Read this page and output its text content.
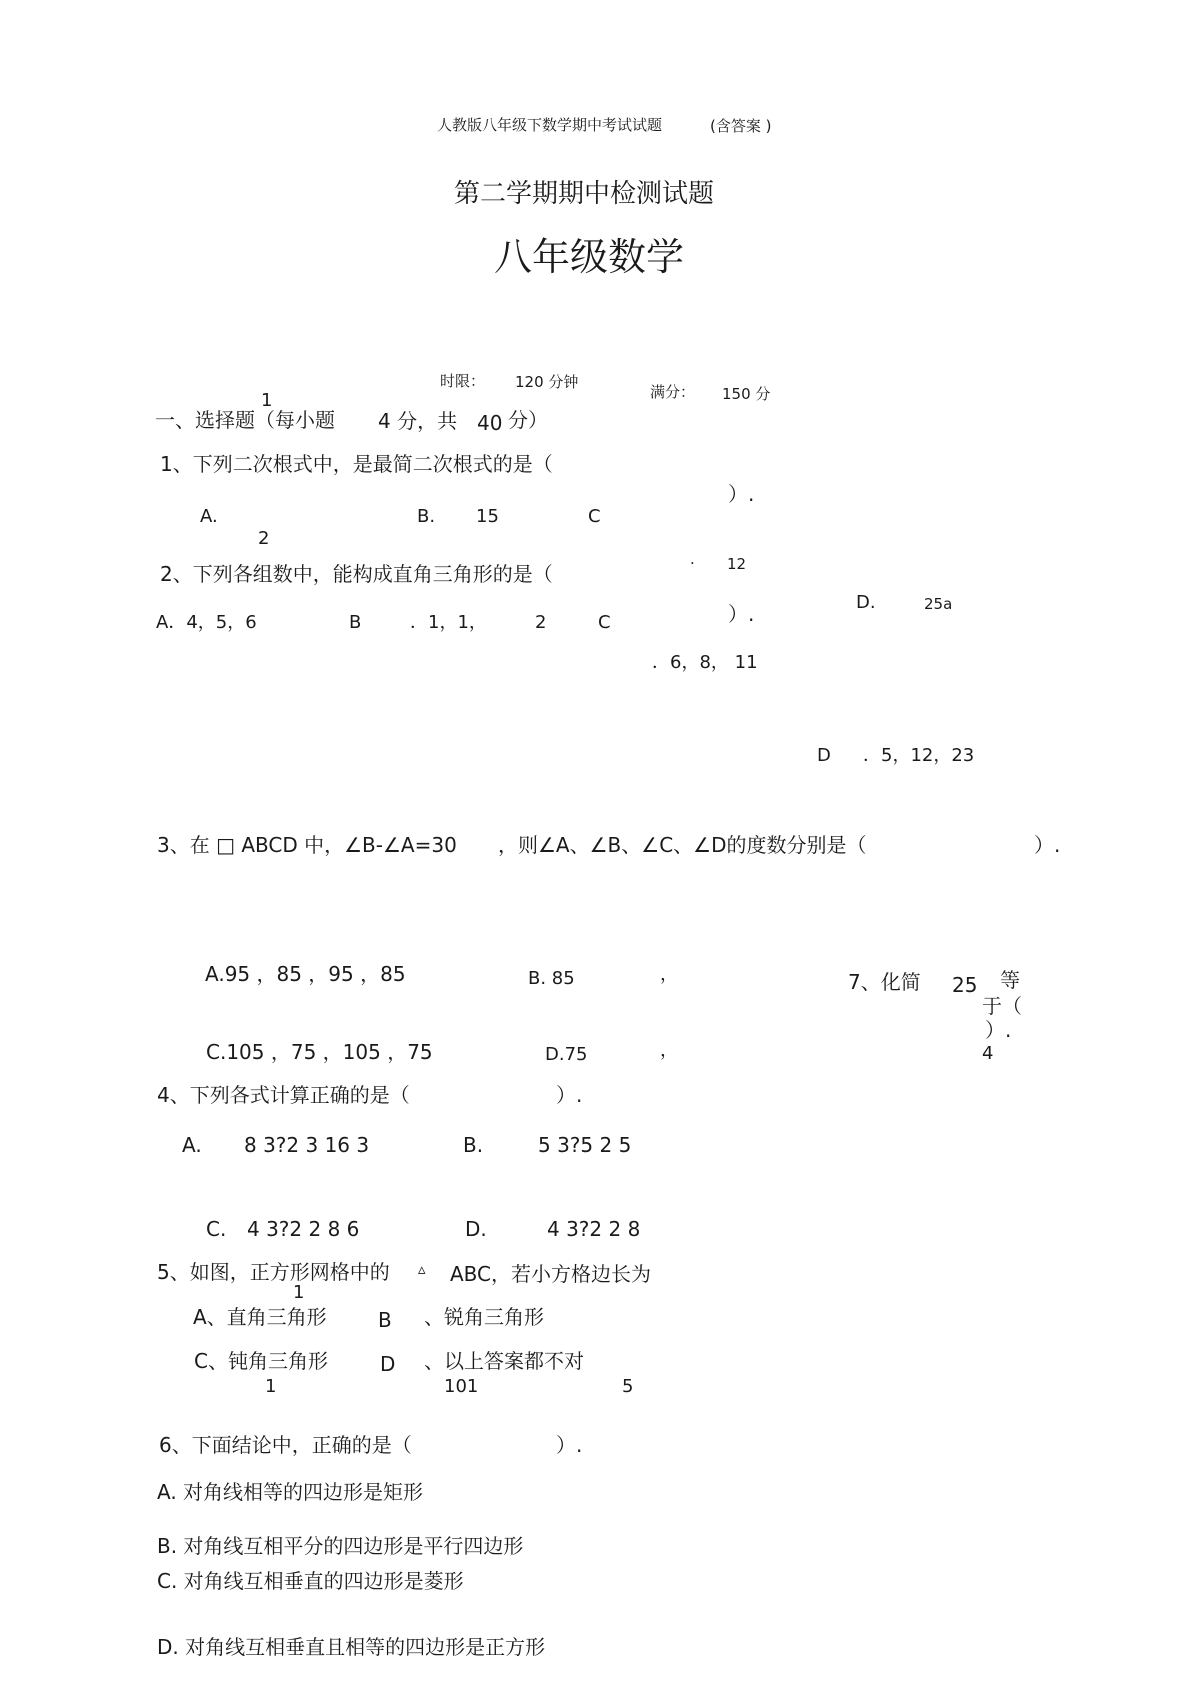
人教版八年级下数学期中考试试题	(含答案 )
第二学期期中检测试题
八年级数学
时限： 120 分钟
满分： 150 分
1
一、选择题（每小题 4 分，共 40 分）
1、下列二次根式中，是最简二次根式的是（
）.
A.
2
B. 15	C
. 12
D.	25a
2、下列各组数中，能构成直角三角形的是（
）.
A．4，5，6	B	．1，1，	2	C
．6，8， 11
D ．5，12，23
3、在 □ ABCD 中，∠B-∠A=30 ，则∠A、∠B、∠C、∠D的度数分别是（	）.
A.95 ，85 ，95 ，85	B. 85	，
C.105 ，75 ，105 ，75	D.75	，
7、化简 25 等
于（
）.
4
4、下列各式计算正确的是（	）.
A. 8 3?2 3 16 3	B.	5 3?5 2 5
C. 4 3?2 2 8 6	D.	4 3?2 2 8
5、如图，正方形网格中的 ▵ ABC，若小方格边长为
1
A、直角三角形	B 、锐角三角形
C、钝角三角形	D 、以上答案都不对
1	101	5
6、下面结论中，正确的是（	）.
A. 对角线相等的四边形是矩形
B. 对角线互相平分的四边形是平行四边形
C. 对角线互相垂直的四边形是菱形
D. 对角线互相垂直且相等的四边形是正方形
